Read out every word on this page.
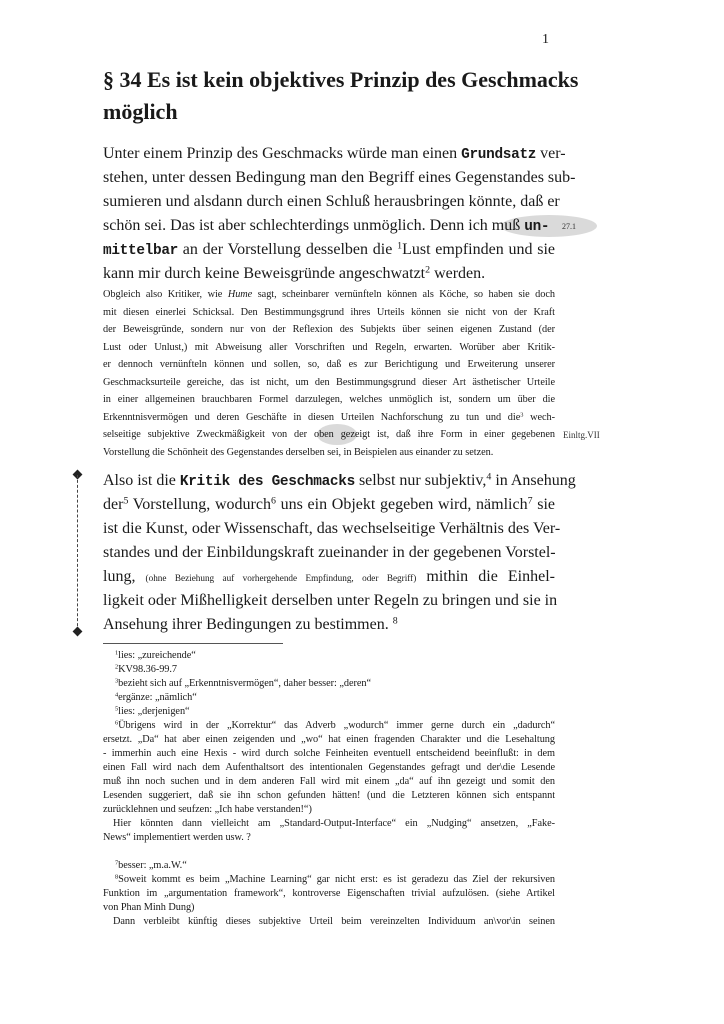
1
§ 34 Es ist kein objektives Prinzip des Geschmacks
möglich
Unter einem Prinzip des Geschmacks würde man einen Grundsatz ver-
stehen, unter dessen Bedingung man den Begriff eines Gegenstandes sub-
sumieren und alsdann durch einen Schluß herausbringen könnte, daß er
schön sei. Das ist aber schlechterdings unmöglich. Denn ich muß un-	27.1
mittelbar an der Vorstellung desselben die $^1$Lust empfinden und sie
kann mir durch keine Beweisgründe angeschwatzt$^2$ werden.
Obgleich also Kritiker, wie Hume sagt, scheinbarer vernünfteln können als Köche, so haben sie doch
mit diesen einerlei Schicksal. Den Bestimmungsgrund ihres Urteils können sie nicht von der Kraft
der Beweisgründe, sondern nur von der Reflexion des Subjekts über seinen eigenen Zustand (der
Lust oder Unlust,) mit Abweisung aller Vorschriften und Regeln, erwarten. Worüber aber Kritik-
er dennoch vernünfteln können und sollen, so, daß es zur Berichtigung und Erweiterung unserer
Geschmacksurteile gereiche, das ist nicht, um den Bestimmungsgrund dieser Art ästhetischer Urteile
in einer allgemeinen brauchbaren Formel darzulegen, welches unmöglich ist, sondern um über die
Erkenntnisvermögen und deren Geschäfte in diesen Urteilen Nachforschung zu tun und die$^3$ wech-
selseitige subjektive Zweckmäßigkeit von der oben gezeigt ist, daß ihre Form in einer gegebenen Einltg.VII
Vorstellung die Schönheit des Gegenstandes derselben sei, in Beispielen aus einander zu setzen.
Also ist die Kritik des Geschmacks selbst nur subjektiv,$^4$ in Ansehung
der$^5$ Vorstellung, wodurch$^6$ uns ein Objekt gegeben wird, nämlich$^7$ sie
ist die Kunst, oder Wissenschaft, das wechselseitige Verhältnis des Ver-
standes und der Einbildungskraft zueinander in der gegebenen Vorstel-
lung, (ohne Beziehung auf vorhergehende Empfindung, oder Begriff) mithin die Einhel-
ligkeit oder Mißhelligkeit derselben unter Regeln zu bringen und sie in
Ansehung ihrer Bedingungen zu bestimmen. $^8$
$^1$lies: „zureichende“
$^2$KV98.36-99.7
$^3$bezieht sich auf „Erkenntnisvermögen“, daher besser: „deren“
$^4$ergänze: „nämlich“
$^5$lies: „derjenigen“
$^6$Übrigens wird in der „Korrektur“ das Adverb „wodurch“ immer gerne durch ein „dadurch“
ersetzt. „Da“ hat aber einen zeigenden und „wo“ hat einen fragenden Charakter und die Lesehaltung
- immerhin auch eine Hexis - wird durch solche Feinheiten eventuell entscheidend beeinflußt: in dem
einen Fall wird nach dem Aufenthaltsort des intentionalen Gegenstandes gefragt und der\die Lesende
muß ihn noch suchen und in dem anderen Fall wird mit einem „da“ auf ihn gezeigt und somit den
Lesenden suggeriert, daß sie ihn schon gefunden hätten! (und die Letzteren können sich entspannt
zurücklehnen und seufzen: „Ich habe verstanden!“)
Hier könnten dann vielleicht am „Standard-Output-Interface“ ein „Nudging“ ansetzen, „Fake-
News“ implementiert werden usw. ?
$^7$besser: „m.a.W.“
$^8$Soweit kommt es beim „Machine Learning“ gar nicht erst: es ist geradezu das Ziel der rekursiven
Funktion im „argumentation framework“, kontroverse Eigenschaften trivial aufzulösen. (siehe Artikel
von Phan Minh Dung)
Dann verbleibt künftig dieses subjektive Urteil beim vereinzelten Individuum an\vor\in seinen
